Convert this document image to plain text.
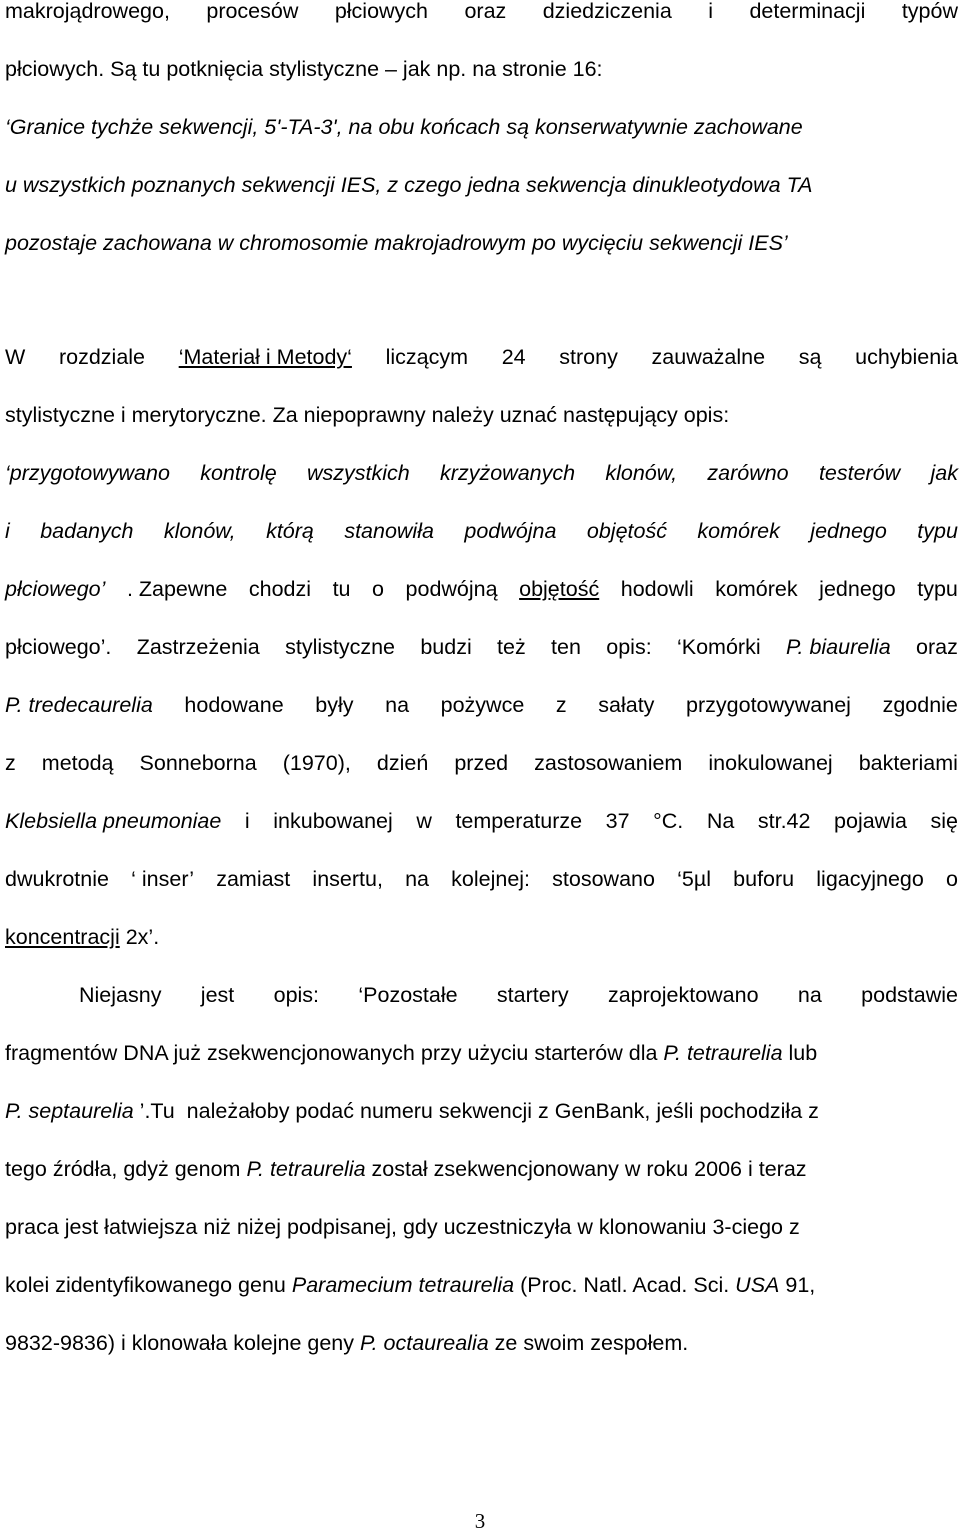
makrojądrowego, procesów płciowych oraz dziedziczenia i determinacji typów
płciowych. Są tu potknięcia stylistyczne – jak np. na stronie 16:
‘Granice tychże sekwencji, 5'-TA-3', na obu końcach są konserwatywnie zachowane
u wszystkich poznanych sekwencji IES, z czego jedna sekwencja dinukleotydowa TA
pozostaje zachowana w chromosomie makrojadrowym po wycięciu sekwencji IES’
W rozdziale ‘Materiał i Metody‘ liczącym 24 strony zauważalne są uchybienia
stylistyczne i merytoryczne. Za niepoprawny należy uznać następujący opis:
‘przygotowywano kontrolę wszystkich krzyżowanych klonów, zarówno testerów jak
i badanych klonów, którą stanowiła podwójna objętość komórek jednego typu
płciowego’ . Zapewne chodzi tu o podwójną objętość hodowli komórek jednego typu
płciowego’. Zastrzeżenia stylistyczne budzi też ten opis: ‘Komórki P. biaurelia oraz
P. tredecaurelia hodowane były na pożywce z sałaty przygotowywanej zgodnie
z metodą Sonneborna (1970), dzień przed zastosowaniem inokulowanej bakteriami
Klebsiella pneumoniae i inkubowanej w temperaturze 37 °C. Na str.42 pojawia się
dwukrotnie ‘ inser’ zamiast insertu, na kolejnej: stosowano ‘5µl buforu ligacyjnego o
koncentracji 2x’.
Niejasny jest opis: ‘Pozostałe startery zaprojektowano na podstawie
fragmentów DNA już zsekwencjonowanych przy użyciu starterów dla P. tetraurelia lub
P. septaurelia ’.Tu  należałoby podać numeru sekwencji z GenBank, jeśli pochodziła z
tego źródła, gdyż genom P. tetraurelia został zsekwencjonowany w roku 2006 i teraz
praca jest łatwiejsza niż niżej podpisanej, gdy uczestniczyła w klonowaniu 3-ciego z
kolei zidentyfikowanego genu Paramecium tetraurelia (Proc. Natl. Acad. Sci. USA 91,
9832-9836) i klonowała kolejne geny P. octaurealia ze swoim zespołem.
3
